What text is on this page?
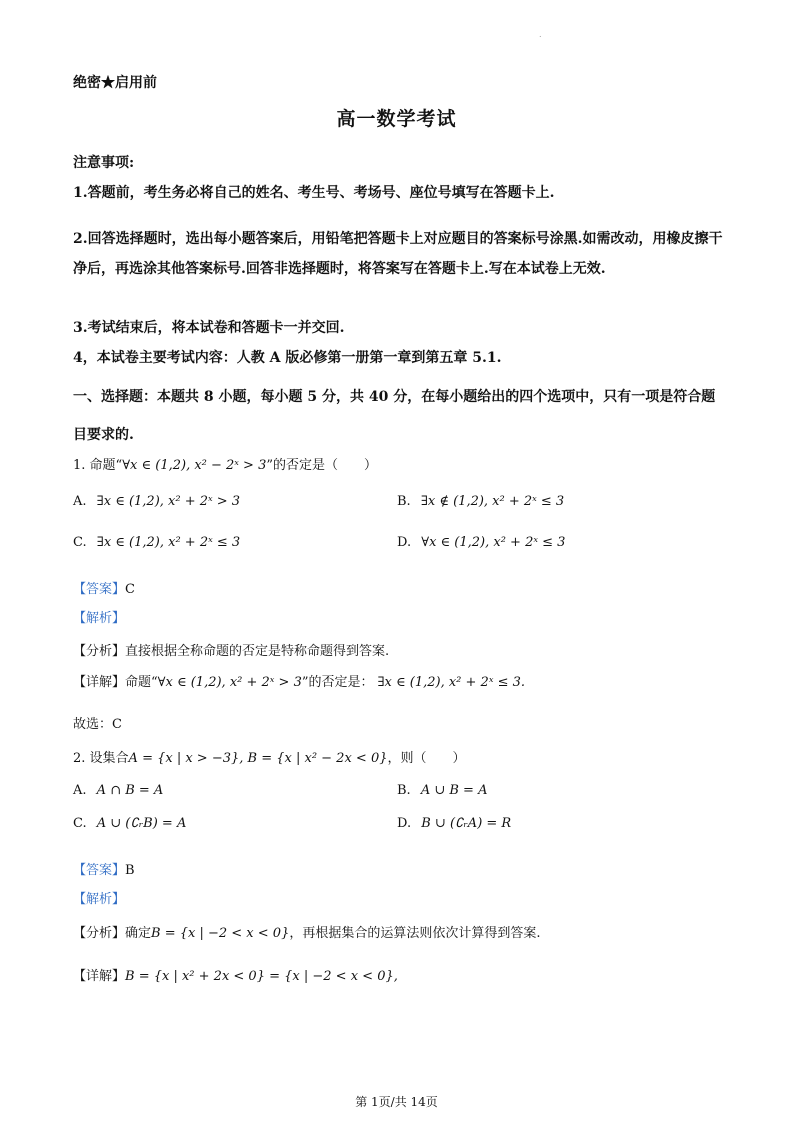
.
绝密★启用前
高一数学考试
注意事项:
1.答题前，考生务必将自己的姓名、考生号、考场号、座位号填写在答题卡上.
2.回答选择题时，选出每小题答案后，用铅笔把答题卡上对应题目的答案标号涂黑.如需改动，用橡皮擦干净后，再选涂其他答案标号.回答非选择题时，将答案写在答题卡上.写在本试卷上无效.
3.考试结束后，将本试卷和答题卡一并交回.
4，本试卷主要考试内容：人教 A 版必修第一册第一章到第五章 5.1.
一、选择题：本题共 8 小题，每小题 5 分，共 40 分，在每小题给出的四个选项中，只有一项是符合题目要求的.
1. 命题“∀x ∈ (1,2), x² − 2ˣ > 3”的否定是（　　）
A. ∃x ∈ (1,2), x² + 2ˣ > 3	B. ∃x ∉ (1,2), x² + 2ˣ ≤ 3
C. ∃x ∈ (1,2), x² + 2ˣ ≤ 3	D. ∀x ∈ (1,2), x² + 2ˣ ≤ 3
【答案】C
【解析】
【分析】直接根据全称命题的否定是特称命题得到答案.
【详解】命题“∀x ∈ (1,2), x² + 2ˣ > 3”的否定是： ∃x ∈ (1,2), x² + 2ˣ ≤ 3.
故选：C
2. 设集合A = {x | x > −3}, B = {x | x² − 2x < 0}，则（　　）
A. A ∩ B = A	B. A ∪ B = A
C. A ∪ (∁ᵣB) = A	D. B ∪ (∁ᵣA) = R
【答案】B
【解析】
【分析】确定B = {x | −2 < x < 0}，再根据集合的运算法则依次计算得到答案.
【详解】B = {x | x² + 2x < 0} = {x | −2 < x < 0},
第 1页/共 14页
